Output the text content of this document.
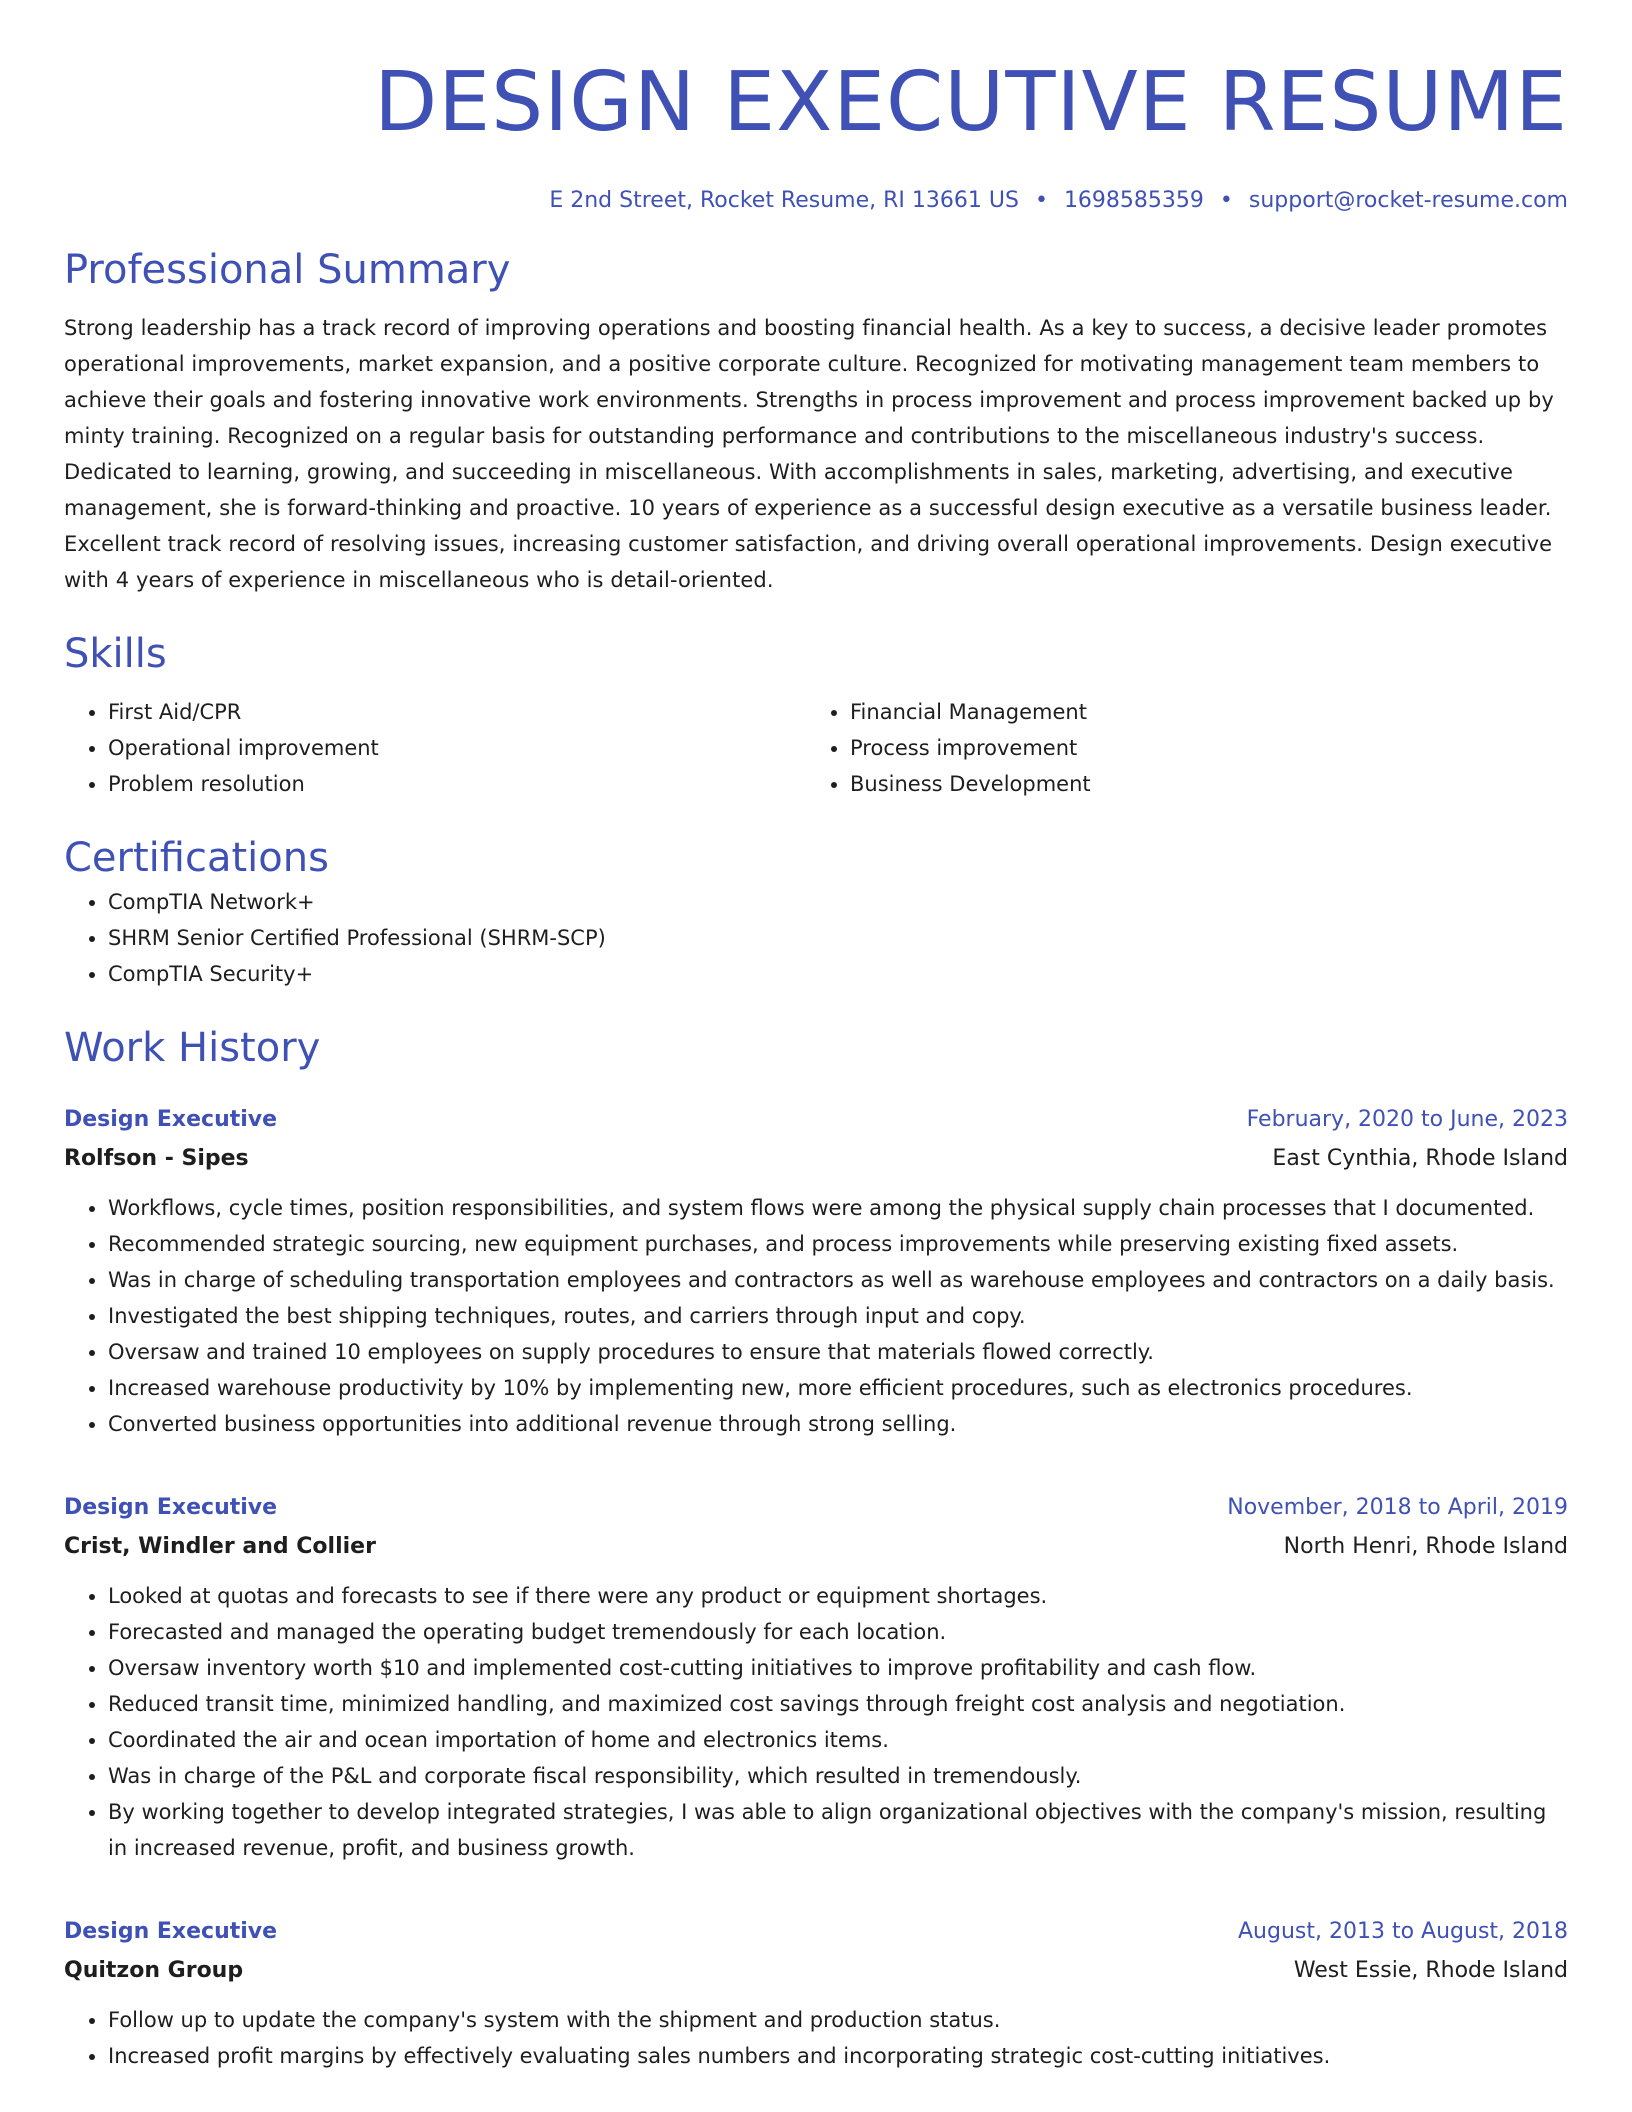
DESIGN EXECUTIVE RESUME
E 2nd Street, Rocket Resume, RI 13661 US • 1698585359 • support@rocket-resume.com
Professional Summary

Strong leadership has a track record of improving operations and boosting financial health. As a key to success, a decisive leader promotes operational improvements, market expansion, and a positive corporate culture. Recognized for motivating management team members to achieve their goals and fostering innovative work environments. Strengths in process improvement and process improvement backed up by minty training. Recognized on a regular basis for outstanding performance and contributions to the miscellaneous industry's success. Dedicated to learning, growing, and succeeding in miscellaneous. With accomplishments in sales, marketing, advertising, and executive management, she is forward-thinking and proactive. 10 years of experience as a successful design executive as a versatile business leader. Excellent track record of resolving issues, increasing customer satisfaction, and driving overall operational improvements. Design executive with 4 years of experience in miscellaneous who is detail-oriented.

Skills
• First Aid/CPR
• Operational improvement
• Problem resolution
• Financial Management
• Process improvement
• Business Development
Certifications
• CompTIA Network+
• SHRM Senior Certified Professional (SHRM-SCP)
• CompTIA Security+
Work History
Design Executive	February, 2020 to June, 2023
Rolfson - Sipes	East Cynthia, Rhode Island
• Workflows, cycle times, position responsibilities, and system flows were among the physical supply chain processes that I documented.
• Recommended strategic sourcing, new equipment purchases, and process improvements while preserving existing fixed assets.
• Was in charge of scheduling transportation employees and contractors as well as warehouse employees and contractors on a daily basis.
• Investigated the best shipping techniques, routes, and carriers through input and copy.
• Oversaw and trained 10 employees on supply procedures to ensure that materials flowed correctly.
• Increased warehouse productivity by 10% by implementing new, more efficient procedures, such as electronics procedures.
• Converted business opportunities into additional revenue through strong selling.
Design Executive	November, 2018 to April, 2019
Crist, Windler and Collier	North Henri, Rhode Island
• Looked at quotas and forecasts to see if there were any product or equipment shortages.
• Forecasted and managed the operating budget tremendously for each location.
• Oversaw inventory worth $10 and implemented cost-cutting initiatives to improve profitability and cash flow.
• Reduced transit time, minimized handling, and maximized cost savings through freight cost analysis and negotiation.
• Coordinated the air and ocean importation of home and electronics items.
• Was in charge of the P&L and corporate fiscal responsibility, which resulted in tremendously.
• By working together to develop integrated strategies, I was able to align organizational objectives with the company's mission, resulting in increased revenue, profit, and business growth.
Design Executive	August, 2013 to August, 2018
Quitzon Group	West Essie, Rhode Island
• Follow up to update the company's system with the shipment and production status.
• Increased profit margins by effectively evaluating sales numbers and incorporating strategic cost-cutting initiatives.
